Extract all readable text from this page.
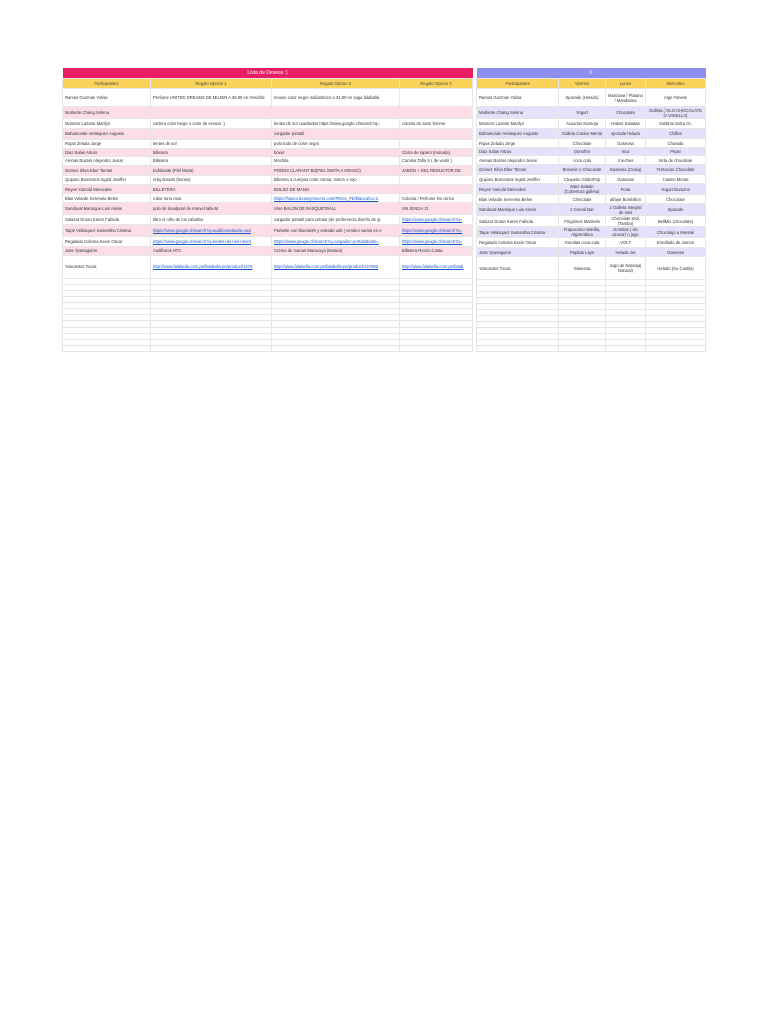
Lista de Deseos :)			
Participantes	Regalo Opcion 1	Regalo Opcion 2	Regalo Opcion 3
Ramos Guzman Yulisa	Perfume UNITED DREAMS DE MUJER A 39.90 en Oeschle	mouse color negro inalámbrico a 34.90 en saga falabella	
Muñante Chang Selena			
Montoro Lazarte Marilyn	cartera color beige o color de verano :)	lentes de sol cuadrados https://www.google.cl/search?q=	colonia de avon femme
Bahamonde Velasquez Augusto		cargador portatil	
Rojas Zelada Jorge	lentes de sol	polo todo de color negro	
Diaz Salas Arturo	billetera	boxer	Gorra de rapero (morada)
Arenas Bustos Alejandro Jesus	Billetera	Mochila	Camisa Talla S ( de vestir )
Gomez Silva Eber Tomas	Exfoliante (Piel Mixta)	PONDS CLARANT B3(PIEL MIXTA A GRASO)	JABON + GEL REDUCTOR DE
Quijano Barrientos Ingrid Jeniffer	reloj dorado (bonito)	billetera 3 cuerpos color crema, melon o rojo	
Reyes Yarnold Mercedes	BILLETERA	BOLSO DE MANO	
Blas Velarde Serenela Belen	rubor tono rosa	https://hiponi.beautymovers.com/PE/es_PE/blanca/Cu-2	Colonia / Perfume No citrico
Sandoval Manrique Luis Alexis	polo de deadpool de marvel talla M	UNA BALON DE BASQUETBALL	UN JENGA :D
Salazar Duran Karen Fabiola	libro el niño de los caballos	cargador portatil para celular (de preferencia diseño de gi	https://www.google.cl/search?q=
Taipe Velásquez Samantha Cristina	https://www.google.cl/search?q=audifonos&safe=acti	Parlante con bluetooth y entrada usb ( venden varios en e	https://www.google.cl/search?q=
Regalado Coloma Kevin Oscar	https://www.google.cl/search?q=lentes+de+sol+mont	https://www.google.cl/search?q=cargador+portatil&safe=	https://www.google.cl/search?q=
Jose Ypanaguirre	Audifonos HTC	Crema de manos Maracuya (Natura)	Billetera Renzo Costa
Yancantos Tocas	http://www.falabella.com.pe/falabella-pe/product/1479	http://www.falabella.com.pe/falabella-pe/product/147990	http://www.falabella.com.pe/falab

0			
Participantes	Viernes	Lunes	Miercoles
Ramos Guzman Yulisa	Sporade (Helado)	Manzana / Platano / Mandarina	Algo Fitness
Muñante Chang Selena	Yogurt	Chocolate	Galleta ( OLO CHOCOLATE O VAINILLA)
Montoro Lazarte Marilyn	Acuarius Naranja	Habas Saladas	Sublime Extra Gr.
Bahamonde Velasquez Augusto	Galleta Casino Menta	sporade helado	Chifles
Rojas Zelada Jorge	Chocolate	Gaseosa	Chorada
Diaz Salas Arturo	Donofrio	Inca	Pepsi
Arenas Bustos Alejandro Jesus	coca cola	3 leches	torta de chocolate
Gomez Silva Eber Tomas	Brownie o Chocolate	Gaseosa (Cusiq)	Tentacion Chocolate
Quijano Barrientos Ingrid Jeniffer	Chupetin GloboPop	Gaseosa	Casino Menta
Reyes Yarnold Mercedes	Mani Salado (Cobertura galleta)	Fruta	Yogurt Durazno
Blas Velarde Serenela Belen	Chocolate	alfajor Bombillon	Chocolate
Sandoval Manrique Luis Alexis	2 Cereal Bar	2 Galleta Integral de miel	Sporade
Salazar Duran Karen Fabiola	Pingüinos Marinela	Chocolate Kick (Tambo)	BellMix (chocolate)
Taipe Velásquez Samantha Cristina	Frapuccino Vainilla, Algarrobina	Gomitas ( sin azucar) o jugo	Chocolejo o Mentas
Regalado Coloma Kevin Oscar	Gomitas coca-cola	VOLT	Enrollado de Jamon
Jose Ypanaguirre	Papitas Lays	Helado Jet	Gaseosa
Yancantos Tocas	Gaseosa	Jugo de Naranja( Natural)	Helado (Su Castilo)
